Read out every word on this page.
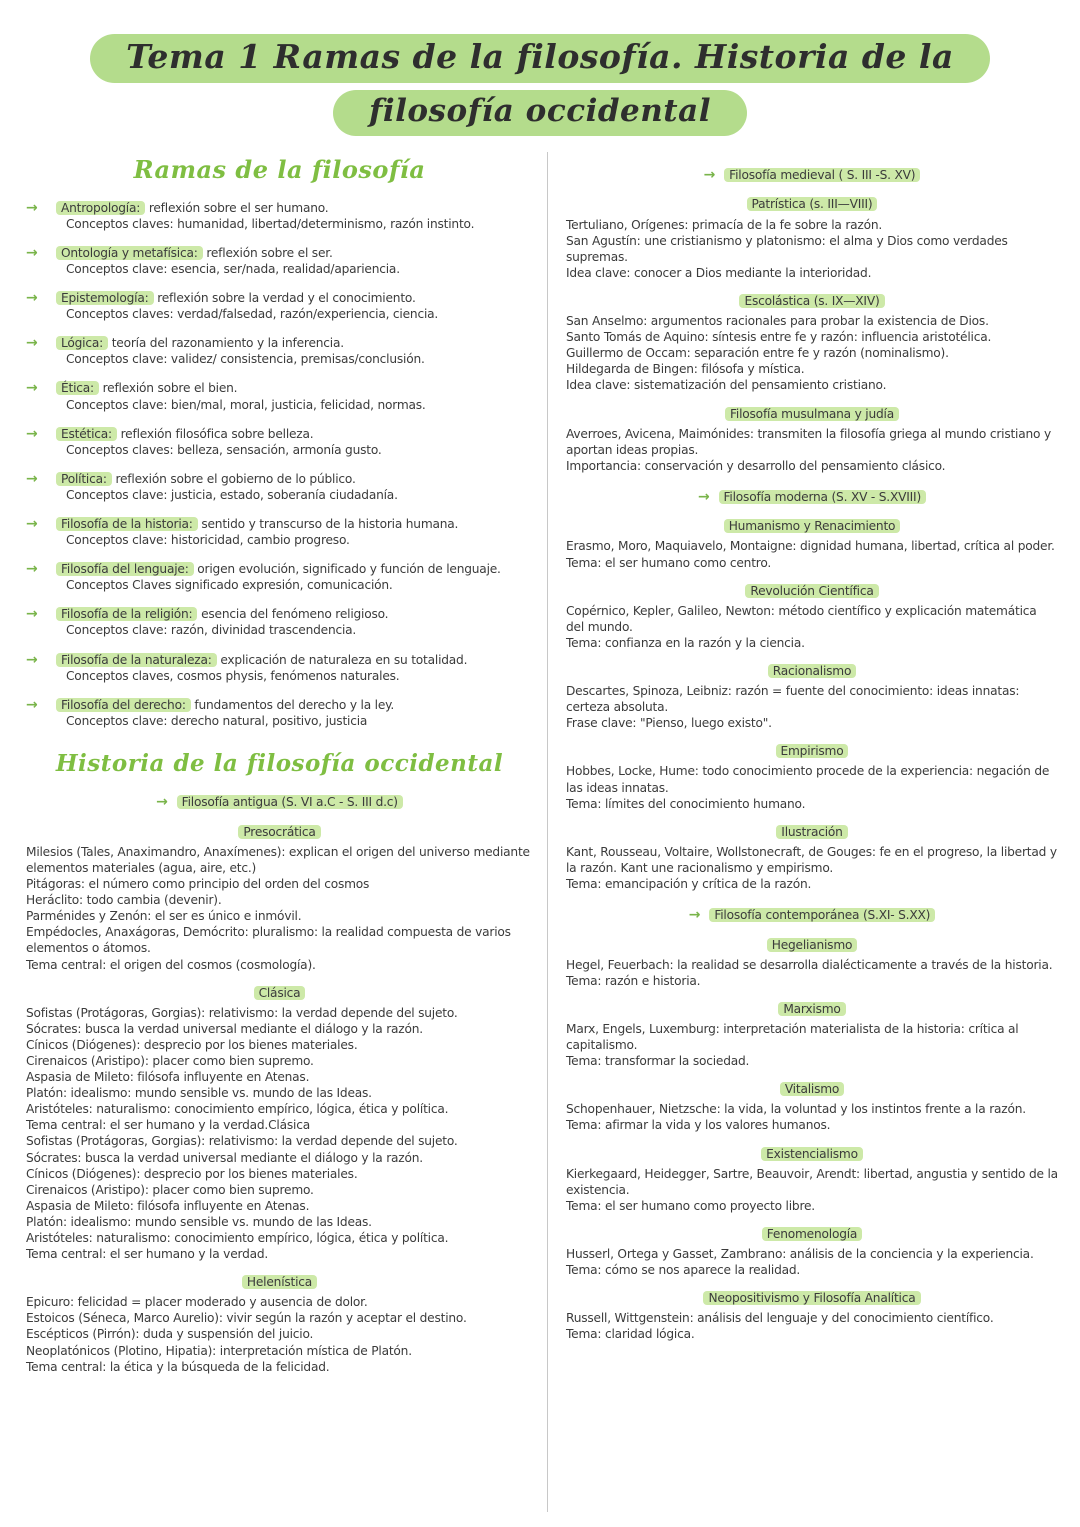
Tema 1 Ramas de la filosofía. Historia de la
filosofía occidental
Ramas de la filosofía
→	Antropología: reflexión sobre el ser humano.
Conceptos claves: humanidad, libertad/determinismo, razón instinto.
→	Ontología y metafísica: reflexión sobre el ser.
Conceptos clave: esencia, ser/nada, realidad/apariencia.
→	Epistemología: reflexión sobre la verdad y el conocimiento.
Conceptos claves: verdad/falsedad, razón/experiencia, ciencia.
→	Lógica: teoría del razonamiento y la inferencia.
Conceptos clave: validez/ consistencia, premisas/conclusión.
→	Ética: reflexión sobre el bien.
Conceptos clave: bien/mal, moral, justicia, felicidad, normas.
→	Estética: reflexión filosófica sobre belleza.
Conceptos claves: belleza, sensación, armonía gusto.
→	Política: reflexión sobre el gobierno de lo público.
Conceptos clave: justicia, estado, soberanía ciudadanía.
→	Filosofía de la historia: sentido y transcurso de la historia humana.
Conceptos clave: historicidad, cambio progreso.
→	Filosofía del lenguaje: origen evolución, significado y función de lenguaje.
Conceptos Claves significado expresión, comunicación.
→	Filosofía de la religión: esencia del fenómeno religioso.
Conceptos clave: razón, divinidad trascendencia.
→	Filosofía de la naturaleza: explicación de naturaleza en su totalidad.
Conceptos claves, cosmos physis, fenómenos naturales.
→	Filosofía del derecho: fundamentos del derecho y la ley.
Conceptos clave: derecho natural, positivo, justicia
Historia de la filosofía occidental
→ Filosofía antigua (S. VI a.C - S. III d.c)
Presocrática

Milesios (Tales, Anaximandro, Anaxímenes): explican el origen del universo mediante elementos materiales (agua, aire, etc.)

Pitágoras: el número como principio del orden del cosmos

Heráclito: todo cambia (devenir).

Parménides y Zenón: el ser es único e inmóvil.

Empédocles, Anaxágoras, Demócrito: pluralismo: la realidad compuesta de varios elementos o átomos.

Tema central: el origen del cosmos (cosmología).

Clásica

Sofistas (Protágoras, Gorgias): relativismo: la verdad depende del sujeto.

Sócrates: busca la verdad universal mediante el diálogo y la razón.

Cínicos (Diógenes): desprecio por los bienes materiales.

Cirenaicos (Aristipo): placer como bien supremo.

Aspasia de Mileto: filósofa influyente en Atenas.

Platón: idealismo: mundo sensible vs. mundo de las Ideas.

Aristóteles: naturalismo: conocimiento empírico, lógica, ética y política.

Tema central: el ser humano y la verdad.Clásica

Sofistas (Protágoras, Gorgias): relativismo: la verdad depende del sujeto.

Sócrates: busca la verdad universal mediante el diálogo y la razón.

Cínicos (Diógenes): desprecio por los bienes materiales.

Cirenaicos (Aristipo): placer como bien supremo.

Aspasia de Mileto: filósofa influyente en Atenas.

Platón: idealismo: mundo sensible vs. mundo de las Ideas.

Aristóteles: naturalismo: conocimiento empírico, lógica, ética y política.

Tema central: el ser humano y la verdad.

Helenística

Epicuro: felicidad = placer moderado y ausencia de dolor.

Estoicos (Séneca, Marco Aurelio): vivir según la razón y aceptar el destino.

Escépticos (Pirrón): duda y suspensión del juicio.

Neoplatónicos (Plotino, Hipatia): interpretación mística de Platón.

Tema central: la ética y la búsqueda de la felicidad.

→ Filosofía medieval ( S. III -S. XV)
Patrística (s. III—VIII)

Tertuliano, Orígenes: primacía de la fe sobre la razón.

San Agustín: une cristianismo y platonismo: el alma y Dios como verdades supremas.

Idea clave: conocer a Dios mediante la interioridad.

Escolástica (s. IX—XIV)

San Anselmo: argumentos racionales para probar la existencia de Dios.

Santo Tomás de Aquino: síntesis entre fe y razón: influencia aristotélica.

Guillermo de Occam: separación entre fe y razón (nominalismo).

Hildegarda de Bingen: filósofa y mística.

Idea clave: sistematización del pensamiento cristiano.

Filosofía musulmana y judía

Averroes, Avicena, Maimónides: transmiten la filosofía griega al mundo cristiano y aportan ideas propias.

Importancia: conservación y desarrollo del pensamiento clásico.

→ Filosofía moderna (S. XV - S.XVIII)
Humanismo y Renacimiento

Erasmo, Moro, Maquiavelo, Montaigne: dignidad humana, libertad, crítica al poder.

Tema: el ser humano como centro.

Revolución Científica

Copérnico, Kepler, Galileo, Newton: método científico y explicación matemática del mundo.

Tema: confianza en la razón y la ciencia.

Racionalismo

Descartes, Spinoza, Leibniz: razón = fuente del conocimiento: ideas innatas: certeza absoluta.

Frase clave: "Pienso, luego existo".

Empirismo

Hobbes, Locke, Hume: todo conocimiento procede de la experiencia: negación de las ideas innatas.

Tema: límites del conocimiento humano.

Ilustración

Kant, Rousseau, Voltaire, Wollstonecraft, de Gouges: fe en el progreso, la libertad y la razón. Kant une racionalismo y empirismo.

Tema: emancipación y crítica de la razón.

→ Filosofía contemporánea (S.XI- S.XX)
Hegelianismo

Hegel, Feuerbach: la realidad se desarrolla dialécticamente a través de la historia.

Tema: razón e historia.

Marxismo

Marx, Engels, Luxemburg: interpretación materialista de la historia: crítica al capitalismo.

Tema: transformar la sociedad.

Vitalismo

Schopenhauer, Nietzsche: la vida, la voluntad y los instintos frente a la razón.

Tema: afirmar la vida y los valores humanos.

Existencialismo

Kierkegaard, Heidegger, Sartre, Beauvoir, Arendt: libertad, angustia y sentido de la existencia.

Tema: el ser humano como proyecto libre.

Fenomenología

Husserl, Ortega y Gasset, Zambrano: análisis de la conciencia y la experiencia.

Tema: cómo se nos aparece la realidad.

Neopositivismo y Filosofía Analítica

Russell, Wittgenstein: análisis del lenguaje y del conocimiento científico.

Tema: claridad lógica.
